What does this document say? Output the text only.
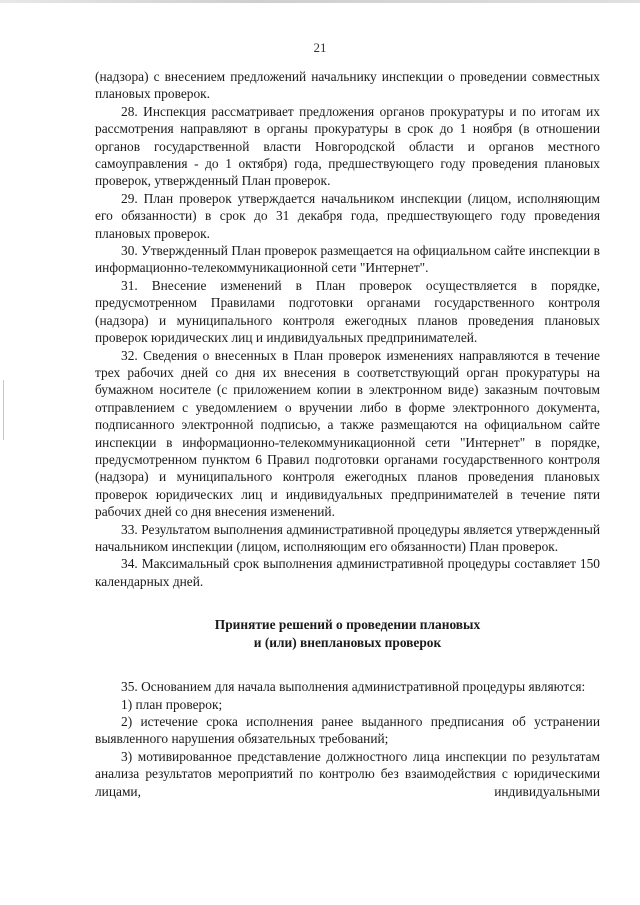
21

(надзора) с внесением предложений начальнику инспекции о проведении совместных плановых проверок.

28. Инспекция рассматривает предложения органов прокуратуры и по итогам их рассмотрения направляют в органы прокуратуры в срок до 1 ноября (в отношении органов государственной власти Новгородской области и органов местного самоуправления - до 1 октября) года, предшествующего году проведения плановых проверок, утвержденный План проверок.

29. План проверок утверждается начальником инспекции (лицом, исполняющим его обязанности) в срок до 31 декабря года, предшествующего году проведения плановых проверок.

30. Утвержденный План проверок размещается на официальном сайте инспекции в информационно-телекоммуникационной сети "Интернет".

31. Внесение изменений в План проверок осуществляется в порядке, предусмотренном Правилами подготовки органами государственного контроля (надзора) и муниципального контроля ежегодных планов проведения плановых проверок юридических лиц и индивидуальных предпринимателей.

32. Сведения о внесенных в План проверок изменениях направляются в течение трех рабочих дней со дня их внесения в соответствующий орган прокуратуры на бумажном носителе (с приложением копии в электронном виде) заказным почтовым отправлением с уведомлением о вручении либо в форме электронного документа, подписанного электронной подписью, а также размещаются на официальном сайте инспекции в информационно-телекоммуникационной сети "Интернет" в порядке, предусмотренном пунктом 6 Правил подготовки органами государственного контроля (надзора) и муниципального контроля ежегодных планов проведения плановых проверок юридических лиц и индивидуальных предпринимателей в течение пяти рабочих дней со дня внесения изменений.

33. Результатом выполнения административной процедуры является утвержденный начальником инспекции (лицом, исполняющим его обязанности) План проверок.

34. Максимальный срок выполнения административной процедуры составляет 150 календарных дней.

Принятие решений о проведении плановых
и (или) внеплановых проверок

35. Основанием для начала выполнения административной процедуры являются:

1) план проверок;

2) истечение срока исполнения ранее выданного предписания об устранении выявленного нарушения обязательных требований;

3) мотивированное представление должностного лица инспекции по результатам анализа результатов мероприятий по контролю без взаимодействия с юридическими лицами, индивидуальными
